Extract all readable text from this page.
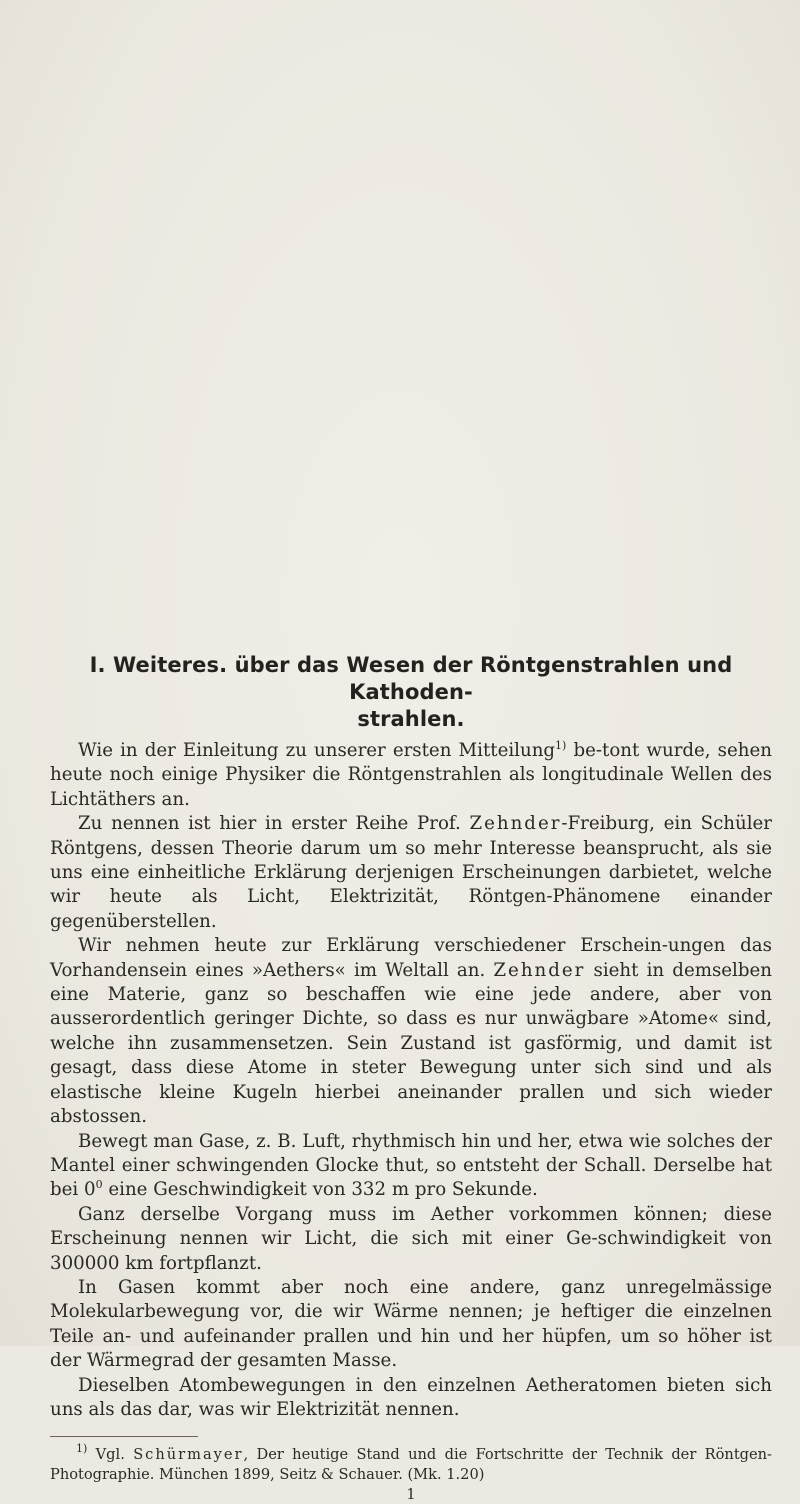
I. Weiteres. über das Wesen der Röntgenstrahlen und Kathoden-
strahlen.

Wie in der Einleitung zu unserer ersten Mitteilung$^{1)}$ be-tont wurde, sehen heute noch einige Physiker die Röntgenstrahlen als longitudinale Wellen des Lichtäthers an.

Zu nennen ist hier in erster Reihe Prof. Zehnder-Freiburg, ein Schüler Röntgens, dessen Theorie darum um so mehr Interesse beansprucht, als sie uns eine einheitliche Erklärung derjenigen Erscheinungen darbietet, welche wir heute als Licht, Elektrizität, Röntgen-Phänomene einander gegenüberstellen.

Wir nehmen heute zur Erklärung verschiedener Erschein-ungen das Vorhandensein eines »Aethers« im Weltall an. Zehnder sieht in demselben eine Materie, ganz so beschaffen wie eine jede andere, aber von ausserordentlich geringer Dichte, so dass es nur unwägbare »Atome« sind, welche ihn zusammensetzen. Sein Zustand ist gasförmig, und damit ist gesagt, dass diese Atome in steter Bewegung unter sich sind und als elastische kleine Kugeln hierbei aneinander prallen und sich wieder abstossen.

Bewegt man Gase, z. B. Luft, rhythmisch hin und her, etwa wie solches der Mantel einer schwingenden Glocke thut, so entsteht der Schall. Derselbe hat bei $0^0$ eine Geschwindigkeit von 332 m pro Sekunde.

Ganz derselbe Vorgang muss im Aether vorkommen können; diese Erscheinung nennen wir Licht, die sich mit einer Ge-schwindigkeit von 300000 km fortpflanzt.

In Gasen kommt aber noch eine andere, ganz unregelmässige Molekularbewegung vor, die wir Wärme nennen; je heftiger die einzelnen Teile an- und aufeinander prallen und hin und her hüpfen, um so höher ist der Wärmegrad der gesamten Masse.

Dieselben Atombewegungen in den einzelnen Aetheratomen bieten sich uns als das dar, was wir Elektrizität nennen.

$^{1)}$ Vgl. Schürmayer, Der heutige Stand und die Fortschritte der Technik der Röntgen-Photographie. München 1899, Seitz & Schauer. (Mk. 1.20)

1
